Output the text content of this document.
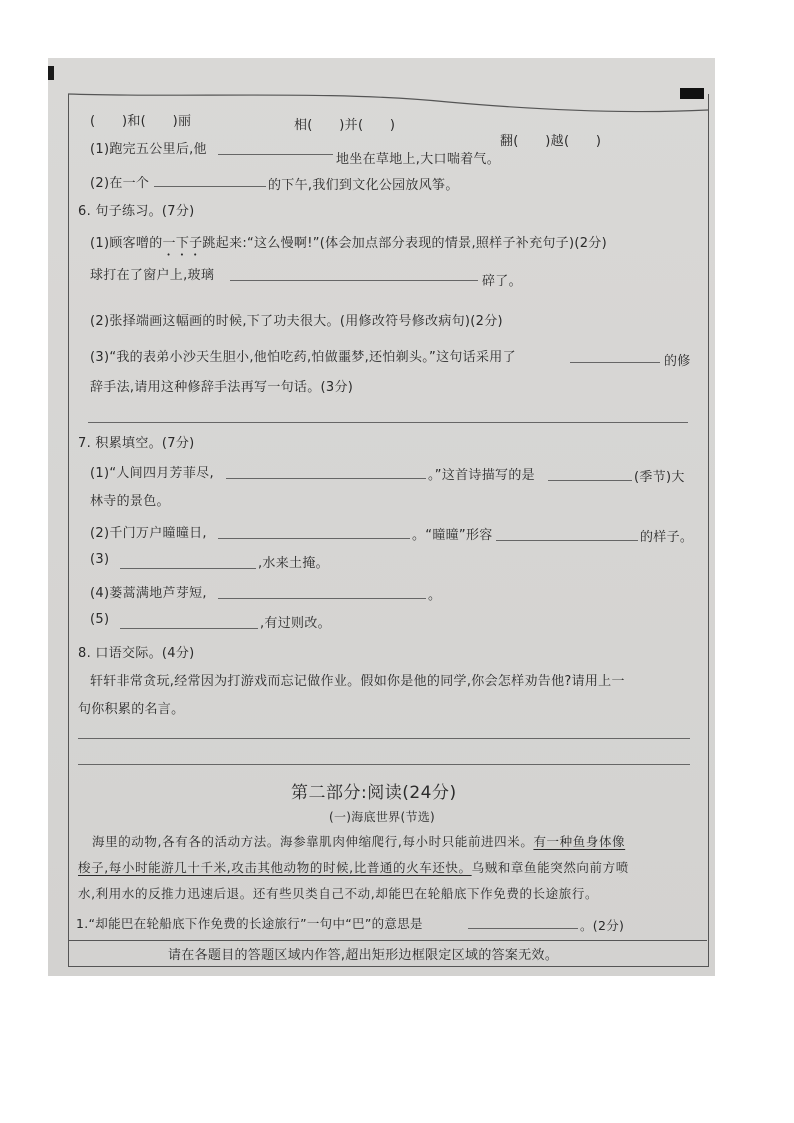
(　　)和(　　)丽	相(　　)并(　　)
翻(　　)越(　　)
(1)跑完五公里后,他
地坐在草地上,大口喘着气。
(2)在一个	的下午,我们到文化公园放风筝。
6. 句子练习。(7分)
(1)顾客噌的一下子跳起来:“这么慢啊!”(体会加点部分表现的情景,照样子补充句子)(2分)
球打在了窗户上,玻璃	碎了。
(2)张择端画这幅画的时候,下了功夫很大。(用修改符号修改病句)(2分)
(3)“我的表弟小沙天生胆小,他怕吃药,怕做噩梦,还怕剃头。”这句话采用了	的修
辞手法,请用这种修辞手法再写一句话。(3分)
7. 积累填空。(7分)
(1)“人间四月芳菲尽,	。”这首诗描写的是	(季节)大
林寺的景色。
(2)千门万户曈曈日,	。“曈曈”形容	的样子。
(3)	,水来土掩。
(4)蒌蒿满地芦芽短,	。
(5)	,有过则改。
8. 口语交际。(4分)
轩轩非常贪玩,经常因为打游戏而忘记做作业。假如你是他的同学,你会怎样劝告他?请用上一
句你积累的名言。
第二部分:阅读(24分)
(一)海底世界(节选)
海里的动物,各有各的活动方法。海参靠肌肉伸缩爬行,每小时只能前进四米。有一种鱼身体像
梭子,每小时能游几十千米,攻击其他动物的时候,比普通的火车还快。乌贼和章鱼能突然向前方喷
水,利用水的反推力迅速后退。还有些贝类自己不动,却能巴在轮船底下作免费的长途旅行。
1.“却能巴在轮船底下作免费的长途旅行”一句中“巴”的意思是	。(2分)
请在各题目的答题区域内作答,超出矩形边框限定区域的答案无效。
